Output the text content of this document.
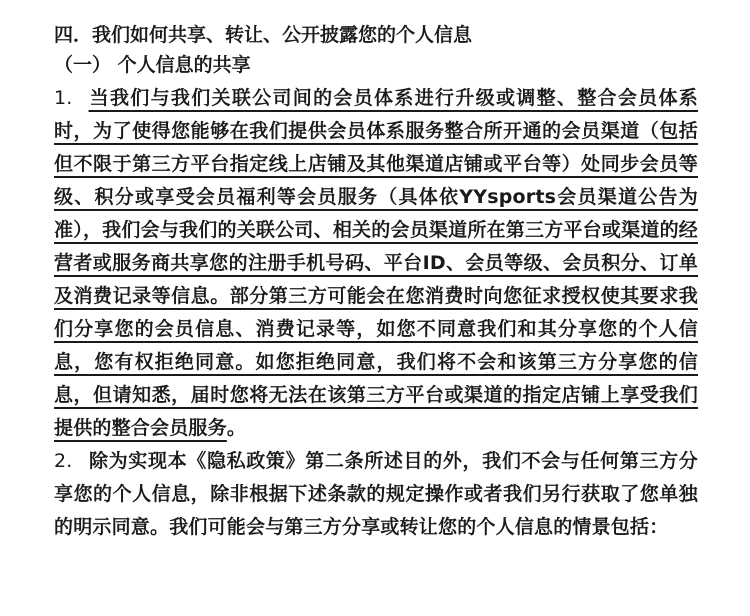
四．我们如何共享、转让、公开披露您的个人信息

（一） 个人信息的共享

1. 当我们与我们关联公司间的会员体系进行升级或调整、整合会员体系时，为了使得您能够在我们提供会员体系服务整合所开通的会员渠道（包括但不限于第三方平台指定线上店铺及其他渠道店铺或平台等）处同步会员等级、积分或享受会员福利等会员服务（具体依YYsports会员渠道公告为准），我们会与我们的关联公司、相关的会员渠道所在第三方平台或渠道的经营者或服务商共享您的注册手机号码、平台ID、会员等级、会员积分、订单及消费记录等信息。部分第三方可能会在您消费时向您征求授权使其要求我们分享您的会员信息、消费记录等，如您不同意我们和其分享您的个人信息，您有权拒绝同意。如您拒绝同意，我们将不会和该第三方分享您的信息，但请知悉，届时您将无法在该第三方平台或渠道的指定店铺上享受我们提供的整合会员服务。

2. 除为实现本《隐私政策》第二条所述目的外，我们不会与任何第三方分享您的个人信息，除非根据下述条款的规定操作或者我们另行获取了您单独的明示同意。我们可能会与第三方分享或转让您的个人信息的情景包括：
